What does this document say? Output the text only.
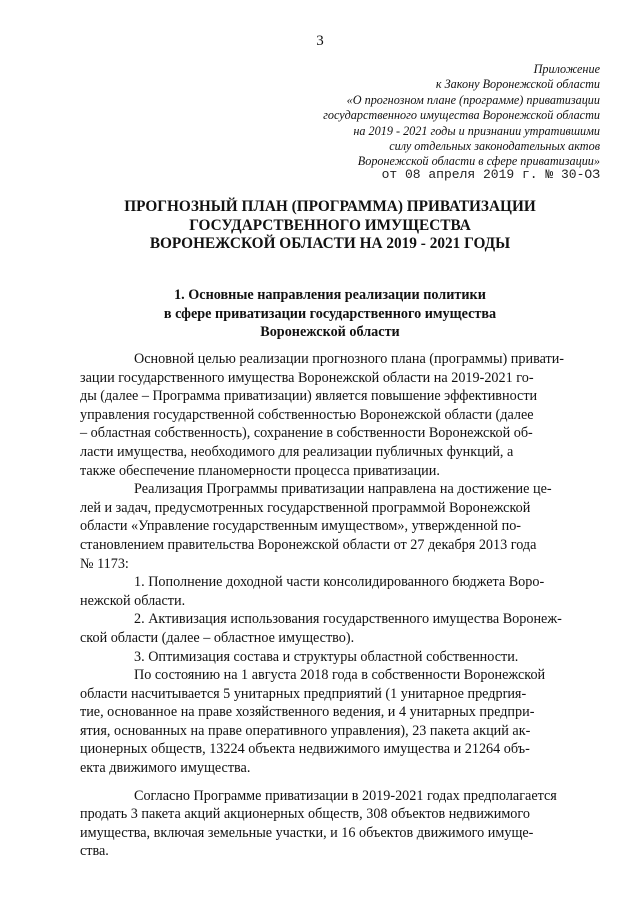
3
Приложение
к Закону Воронежской области
«О прогнозном плане (программе) приватизации
государственного имущества Воронежской области
на 2019 - 2021 годы и признании утратившими
силу отдельных законодательных актов
Воронежской области в сфере приватизации»
от 08 апреля 2019 г. № 30-ОЗ
ПРОГНОЗНЫЙ ПЛАН (ПРОГРАММА) ПРИВАТИЗАЦИИ
ГОСУДАРСТВЕННОГО ИМУЩЕСТВА
ВОРОНЕЖСКОЙ ОБЛАСТИ НА 2019 - 2021 ГОДЫ
1. Основные направления реализации политики
в сфере приватизации государственного имущества
Воронежской области
Основной целью реализации прогнозного плана (программы) привати-
зации государственного имущества Воронежской области на 2019-2021 го-
ды (далее – Программа приватизации) является повышение эффективности
управления государственной собственностью Воронежской области (далее
– областная собственность), сохранение в собственности Воронежской об-
ласти имущества, необходимого для реализации публичных функций, а
также обеспечение планомерности процесса приватизации.
Реализация Программы приватизации направлена на достижение це-
лей и задач, предусмотренных государственной программой Воронежской
области «Управление государственным имуществом», утвержденной по-
становлением правительства Воронежской области от 27 декабря 2013 года
№ 1173:
1. Пополнение доходной части консолидированного бюджета Воро-
нежской области.
2. Активизация использования государственного имущества Воронеж-
ской области (далее – областное имущество).
3. Оптимизация состава и структуры областной собственности.
По состоянию на 1 августа 2018 года в собственности Воронежской
области насчитывается 5 унитарных предприятий (1 унитарное предprия-
тие, основанное на праве хозяйственного ведения, и 4 унитарных предпри-
ятия, основанных на праве оперативного управления), 23 пакета акций ак-
ционерных обществ, 13224 объекта недвижимого имущества и 21264 объ-
екта движимого имущества.
Согласно Программе приватизации в 2019-2021 годах предполагается
продать 3 пакета акций акционерных обществ, 308 объектов недвижимого
имущества, включая земельные участки, и 16 объектов движимого имуще-
ства.
